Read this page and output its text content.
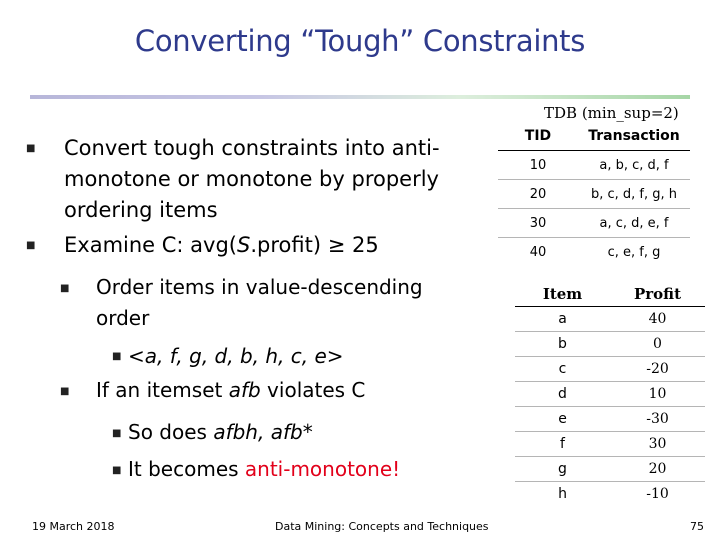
Converting “Tough” Constraints
TDB (min_sup=2)
■
Convert tough constraints into anti-
monotone or monotone by properly
ordering items
■
Examine C: avg(S.profit) ≥ 25
■
Order items in value-descending
order
■
<a, f, g, d, b, h, c, e>
■
If an itemset afb violates C
■
So does afbh, afb*
■
It becomes anti-monotone!
TID	Transaction
10	a, b, c, d, f
20	b, c, d, f, g, h
30	a, c, d, e, f
40	c, e, f, g
Item	Profit
a	40
b	0
c	-20
d	10
e	-30
f	30
g	20
h	-10
19 March 2018	Data Mining: Concepts and Techniques	75
